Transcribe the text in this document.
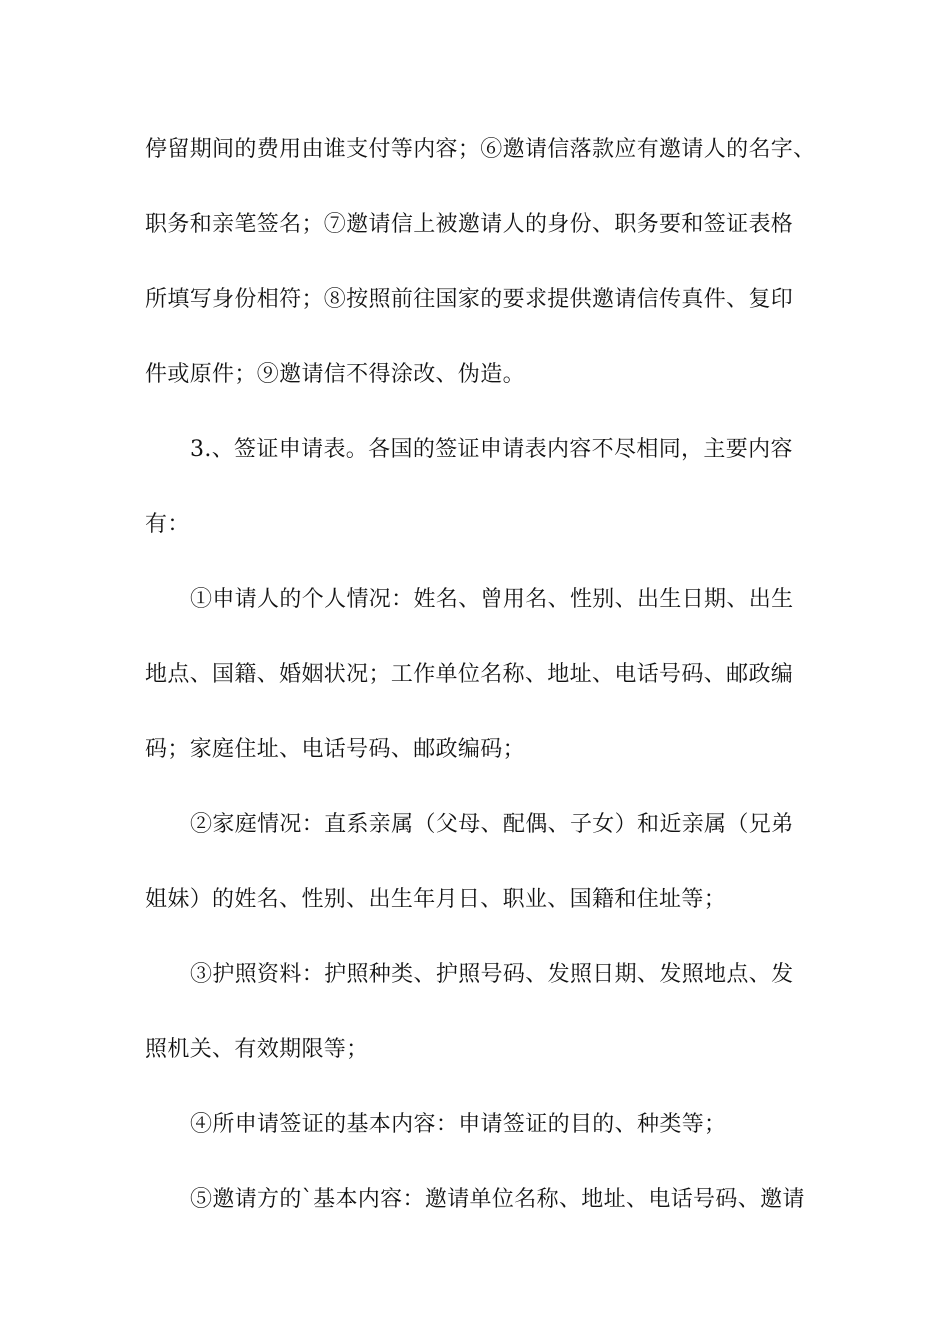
停留期间的费用由谁支付等内容；⑥邀请信落款应有邀请人的名字、
职务和亲笔签名；⑦邀请信上被邀请人的身份、职务要和签证表格
所填写身份相符；⑧按照前往国家的要求提供邀请信传真件、复印
件或原件；⑨邀请信不得涂改、伪造。
3.、签证申请表。各国的签证申请表内容不尽相同，主要内容
有：
①申请人的个人情况：姓名、曾用名、性别、出生日期、出生
地点、国籍、婚姻状况；工作单位名称、地址、电话号码、邮政编
码；家庭住址、电话号码、邮政编码；
②家庭情况：直系亲属（父母、配偶、子女）和近亲属（兄弟
姐妹）的姓名、性别、出生年月日、职业、国籍和住址等；
③护照资料：护照种类、护照号码、发照日期、发照地点、发
照机关、有效期限等；
④所申请签证的基本内容：申请签证的目的、种类等；
⑤邀请方的`基本内容：邀请单位名称、地址、电话号码、邀请
